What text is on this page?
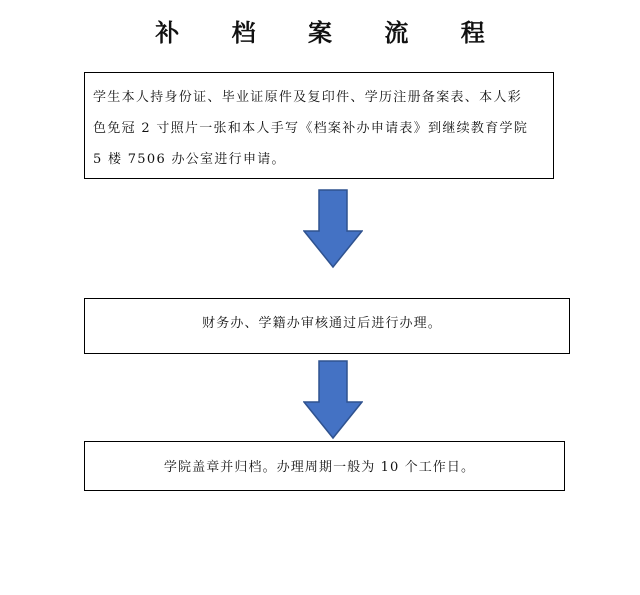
补 档 案 流 程

学生本人持身份证、毕业证原件及复印件、学历注册备案表、本人彩

色免冠 2 寸照片一张和本人手写《档案补办申请表》到继续教育学院

5 楼 7506 办公室进行申请。

财务办、学籍办审核通过后进行办理。

学院盖章并归档。办理周期一般为 10 个工作日。
